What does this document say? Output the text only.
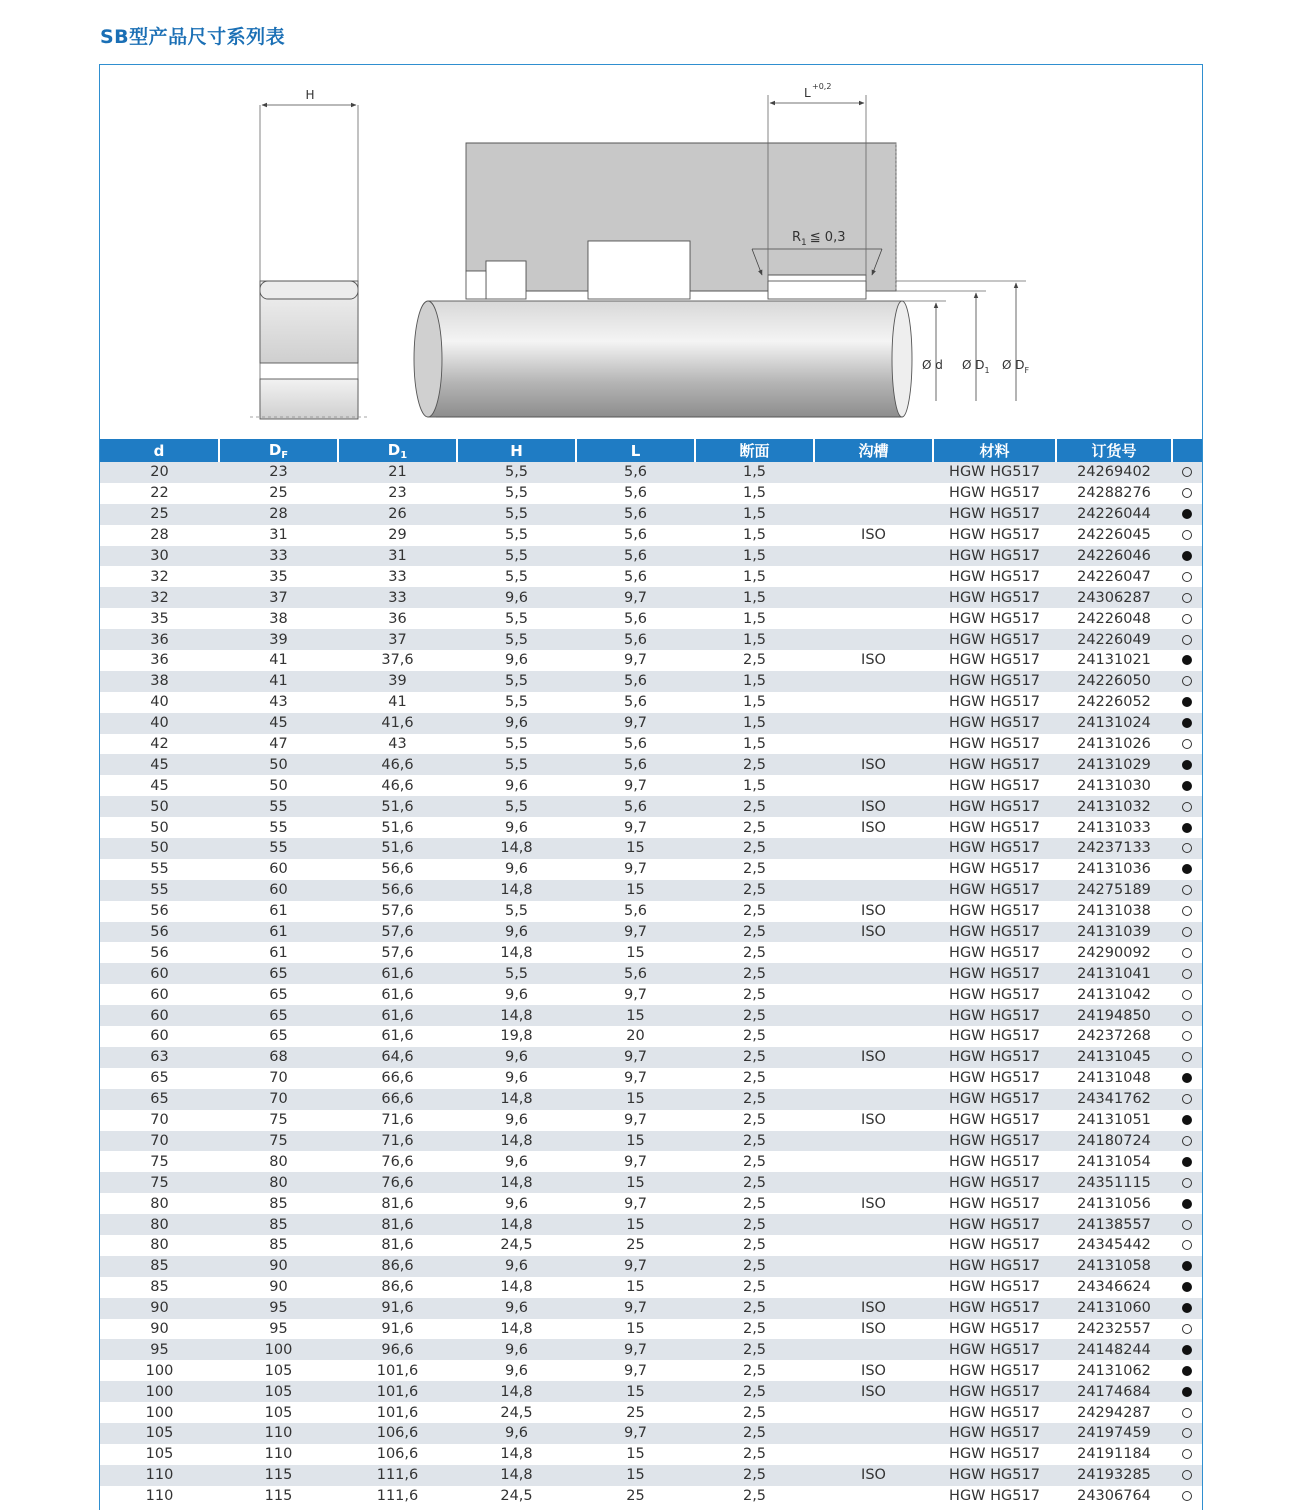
SB型产品尺寸系列表
H
$R_1$ ≦ 0,3
L +0,2
Ø d Ø $D_1$ Ø $D_F$
d	$D_F$	$D_1$	H	L	断面	沟槽	材料	订货号	
20	23	21	5,5	5,6	1,5		HGW HG517	24269402	
22	25	23	5,5	5,6	1,5		HGW HG517	24288276	
25	28	26	5,5	5,6	1,5		HGW HG517	24226044	
28	31	29	5,5	5,6	1,5	ISO	HGW HG517	24226045	
30	33	31	5,5	5,6	1,5		HGW HG517	24226046	
32	35	33	5,5	5,6	1,5		HGW HG517	24226047	
32	37	33	9,6	9,7	1,5		HGW HG517	24306287	
35	38	36	5,5	5,6	1,5		HGW HG517	24226048	
36	39	37	5,5	5,6	1,5		HGW HG517	24226049	
36	41	37,6	9,6	9,7	2,5	ISO	HGW HG517	24131021	
38	41	39	5,5	5,6	1,5		HGW HG517	24226050	
40	43	41	5,5	5,6	1,5		HGW HG517	24226052	
40	45	41,6	9,6	9,7	1,5		HGW HG517	24131024	
42	47	43	5,5	5,6	1,5		HGW HG517	24131026	
45	50	46,6	5,5	5,6	2,5	ISO	HGW HG517	24131029	
45	50	46,6	9,6	9,7	1,5		HGW HG517	24131030	
50	55	51,6	5,5	5,6	2,5	ISO	HGW HG517	24131032	
50	55	51,6	9,6	9,7	2,5	ISO	HGW HG517	24131033	
50	55	51,6	14,8	15	2,5		HGW HG517	24237133	
55	60	56,6	9,6	9,7	2,5		HGW HG517	24131036	
55	60	56,6	14,8	15	2,5		HGW HG517	24275189	
56	61	57,6	5,5	5,6	2,5	ISO	HGW HG517	24131038	
56	61	57,6	9,6	9,7	2,5	ISO	HGW HG517	24131039	
56	61	57,6	14,8	15	2,5		HGW HG517	24290092	
60	65	61,6	5,5	5,6	2,5		HGW HG517	24131041	
60	65	61,6	9,6	9,7	2,5		HGW HG517	24131042	
60	65	61,6	14,8	15	2,5		HGW HG517	24194850	
60	65	61,6	19,8	20	2,5		HGW HG517	24237268	
63	68	64,6	9,6	9,7	2,5	ISO	HGW HG517	24131045	
65	70	66,6	9,6	9,7	2,5		HGW HG517	24131048	
65	70	66,6	14,8	15	2,5		HGW HG517	24341762	
70	75	71,6	9,6	9,7	2,5	ISO	HGW HG517	24131051	
70	75	71,6	14,8	15	2,5		HGW HG517	24180724	
75	80	76,6	9,6	9,7	2,5		HGW HG517	24131054	
75	80	76,6	14,8	15	2,5		HGW HG517	24351115	
80	85	81,6	9,6	9,7	2,5	ISO	HGW HG517	24131056	
80	85	81,6	14,8	15	2,5		HGW HG517	24138557	
80	85	81,6	24,5	25	2,5		HGW HG517	24345442	
85	90	86,6	9,6	9,7	2,5		HGW HG517	24131058	
85	90	86,6	14,8	15	2,5		HGW HG517	24346624	
90	95	91,6	9,6	9,7	2,5	ISO	HGW HG517	24131060	
90	95	91,6	14,8	15	2,5	ISO	HGW HG517	24232557	
95	100	96,6	9,6	9,7	2,5		HGW HG517	24148244	
100	105	101,6	9,6	9,7	2,5	ISO	HGW HG517	24131062	
100	105	101,6	14,8	15	2,5	ISO	HGW HG517	24174684	
100	105	101,6	24,5	25	2,5		HGW HG517	24294287	
105	110	106,6	9,6	9,7	2,5		HGW HG517	24197459	
105	110	106,6	14,8	15	2,5		HGW HG517	24191184	
110	115	111,6	14,8	15	2,5	ISO	HGW HG517	24193285	
110	115	111,6	24,5	25	2,5		HGW HG517	24306764	
